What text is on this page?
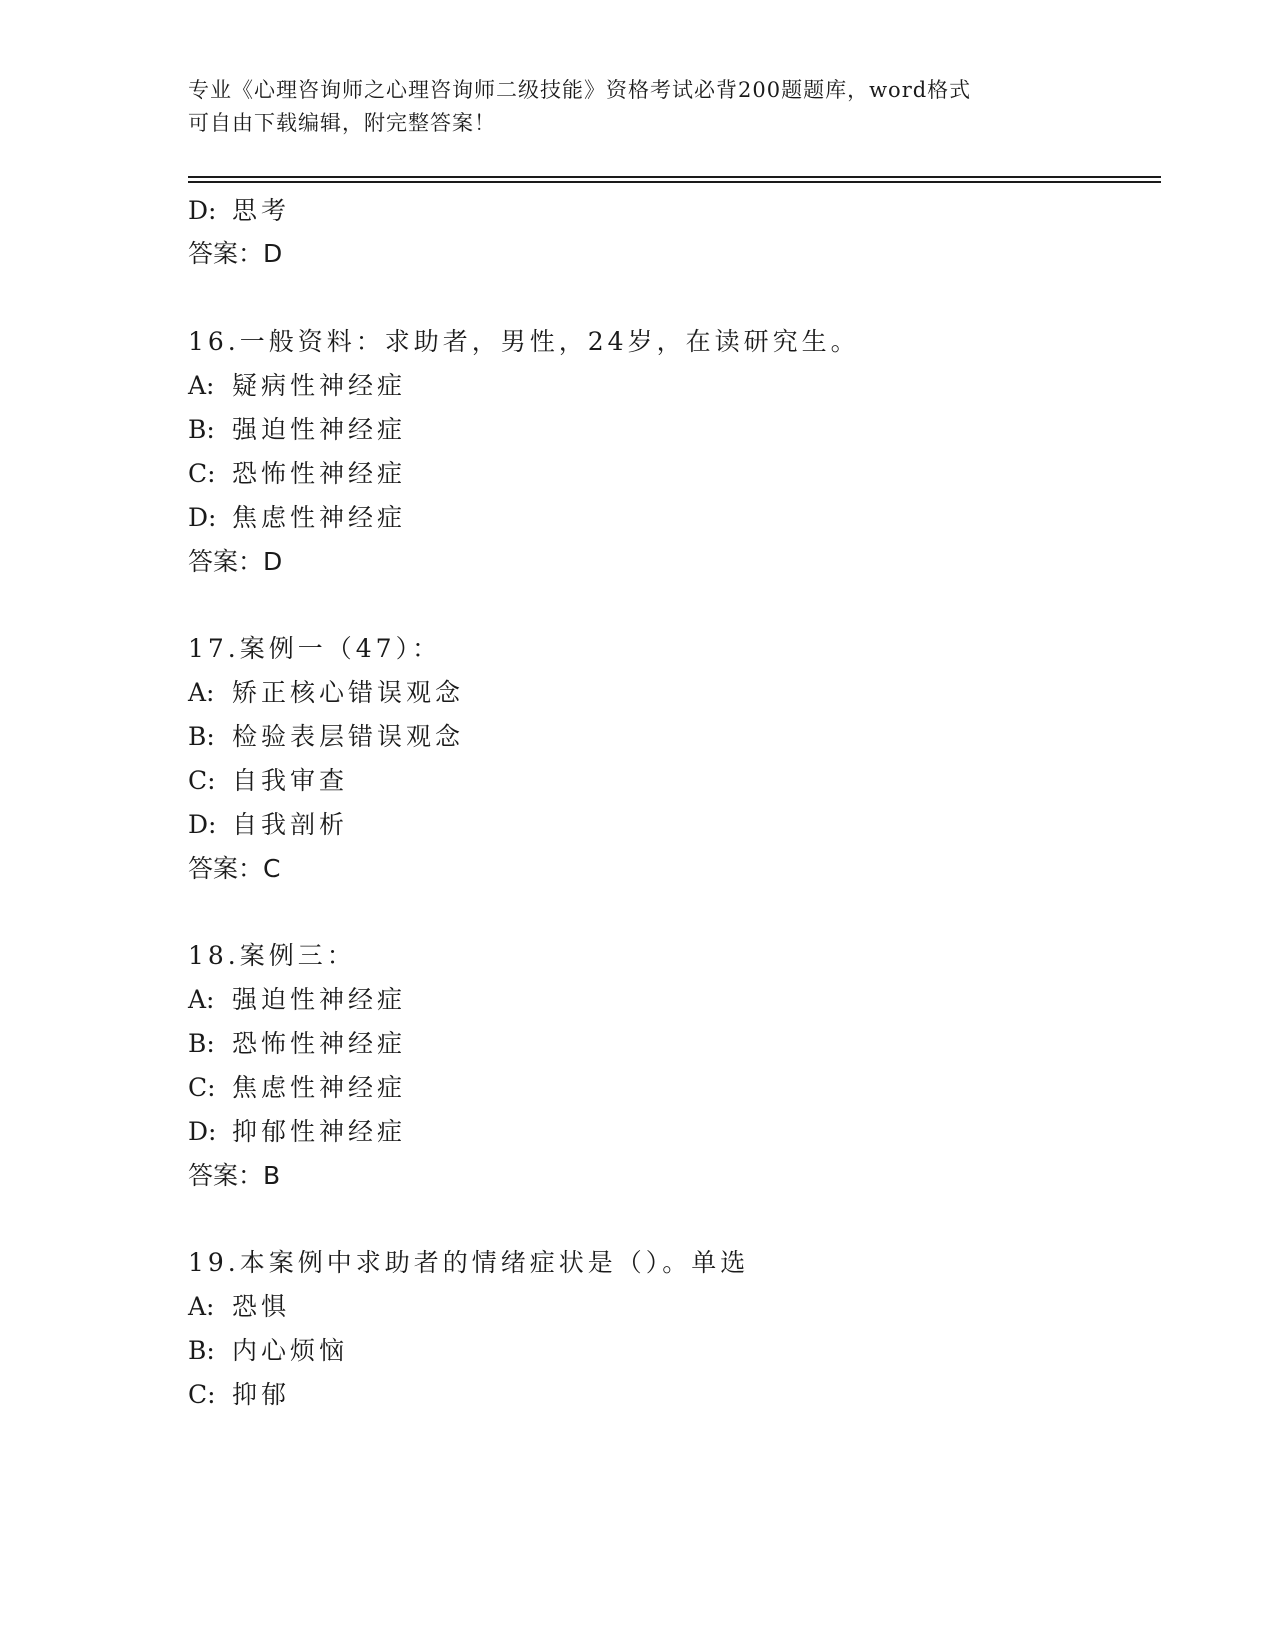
专业《心理咨询师之心理咨询师二级技能》资格考试必背200题题库，word格式
可自由下载编辑，附完整答案！
D: 思考
答案：D
16.一般资料：求助者，男性，24岁，在读研究生。
A: 疑病性神经症
B: 强迫性神经症
C: 恐怖性神经症
D: 焦虑性神经症
答案：D
17.案例一（47）：
A: 矫正核心错误观念
B: 检验表层错误观念
C: 自我审查
D: 自我剖析
答案：C
18.案例三：
A: 强迫性神经症
B: 恐怖性神经症
C: 焦虑性神经症
D: 抑郁性神经症
答案：B
19.本案例中求助者的情绪症状是（）。单选
A: 恐惧
B: 内心烦恼
C: 抑郁
